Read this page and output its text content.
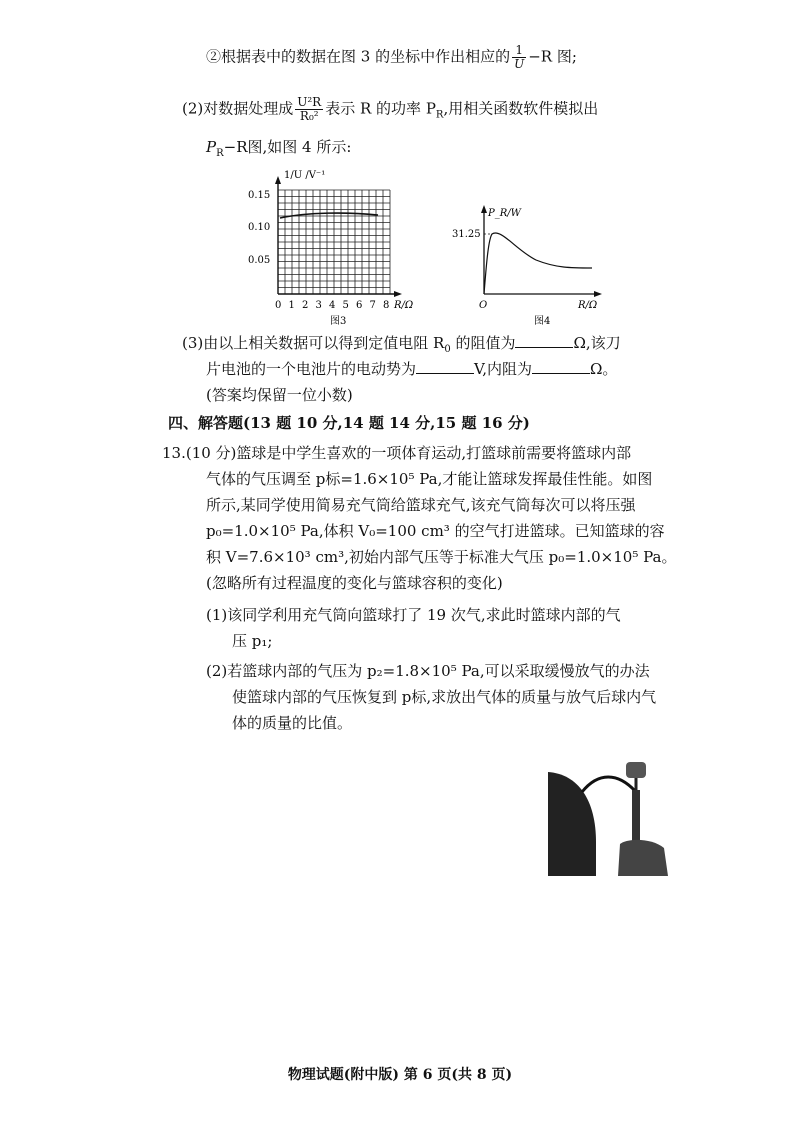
②根据表中的数据在图 3 的坐标中作出相应的 $\frac{1}{U} -R$ 图;
(2)对数据处理成 $\frac{\text{U²R}}{\text{R₀²}}$ 表示 R 的功率 $P_R$,用相关函数软件模拟出
$P_R-R$图,如图 4 所示:
1/U /V⁻¹
0.15
0.10
0.05
0 1 2 3 4 5 6 7 8 R/Ω
图3
P_R/W
31.25
O	R/Ω
图4
(3)由以上相关数据可以得到定值电阻 $R_0$ 的阻值为	Ω,该刀
片电池的一个电池片的电动势为	V,内阻为	Ω。
(答案均保留一位小数)
四、解答题(13 题 10 分,14 题 14 分,15 题 16 分)
13.(10 分)篮球是中学生喜欢的一项体育运动,打篮球前需要将篮球内部
气体的气压调至 p标=1.6×10⁵ Pa,才能让篮球发挥最佳性能。如图
所示,某同学使用简易充气筒给篮球充气,该充气筒每次可以将压强
p₀=1.0×10⁵ Pa,体积 V₀=100 cm³ 的空气打进篮球。已知篮球的容
积 V=7.6×10³ cm³,初始内部气压等于标准大气压 p₀=1.0×10⁵ Pa。
(忽略所有过程温度的变化与篮球容积的变化)
(1)该同学利用充气筒向篮球打了 19 次气,求此时篮球内部的气
压 p₁;
(2)若篮球内部的气压为 p₂=1.8×10⁵ Pa,可以采取缓慢放气的办法
使篮球内部的气压恢复到 p标,求放出气体的质量与放气后球内气
体的质量的比值。
物理试题(附中版) 第 6 页(共 8 页)
